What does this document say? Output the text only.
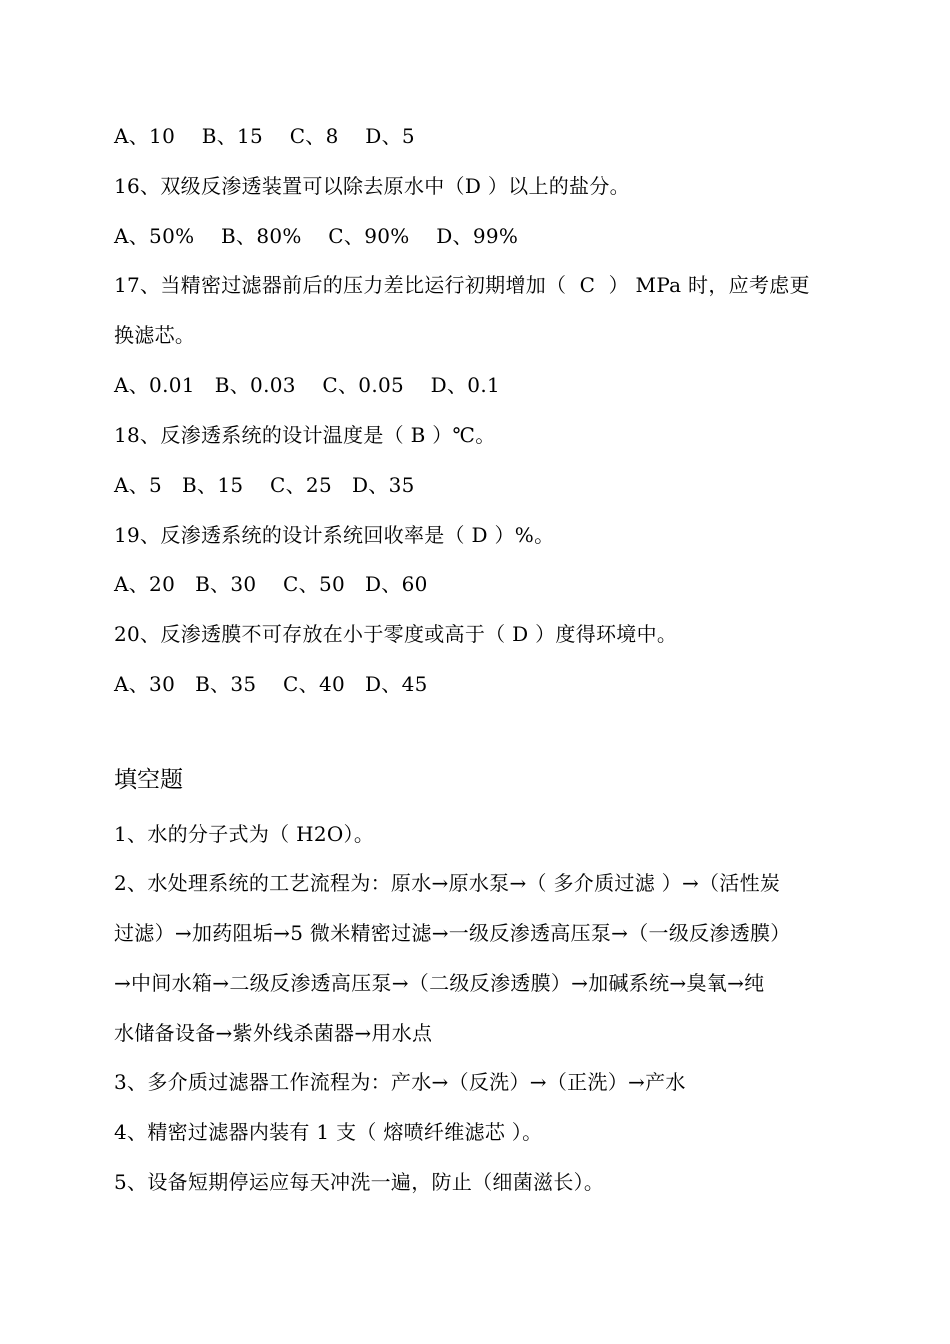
A、10    B、15    C、8    D、5
16、双级反渗透装置可以除去原水中（D ）以上的盐分。
A、50%    B、80%    C、90%    D、99%
17、当精密过滤器前后的压力差比运行初期增加（  C  ） MPa 时，应考虑更
换滤芯。
A、0.01   B、0.03    C、0.05    D、0.1
18、反渗透系统的设计温度是（ B ）℃。
A、5   B、15    C、25   D、35
19、反渗透系统的设计系统回收率是（ D ）%。
A、20   B、30    C、50   D、60
20、反渗透膜不可存放在小于零度或高于（ D ）度得环境中。
A、30   B、35    C、40   D、45
填空题
1、水的分子式为（ H2O）。
2、水处理系统的工艺流程为：原水→原水泵→（ 多介质过滤 ）→（活性炭
过滤）→加药阻垢→5 微米精密过滤→一级反渗透高压泵→（一级反渗透膜）
→中间水箱→二级反渗透高压泵→（二级反渗透膜）→加碱系统→臭氧→纯
水储备设备→紫外线杀菌器→用水点
3、多介质过滤器工作流程为：产水→（反洗）→（正洗）→产水
4、精密过滤器内装有 1 支（ 熔喷纤维滤芯 ）。
5、设备短期停运应每天冲洗一遍，防止（细菌滋长）。
